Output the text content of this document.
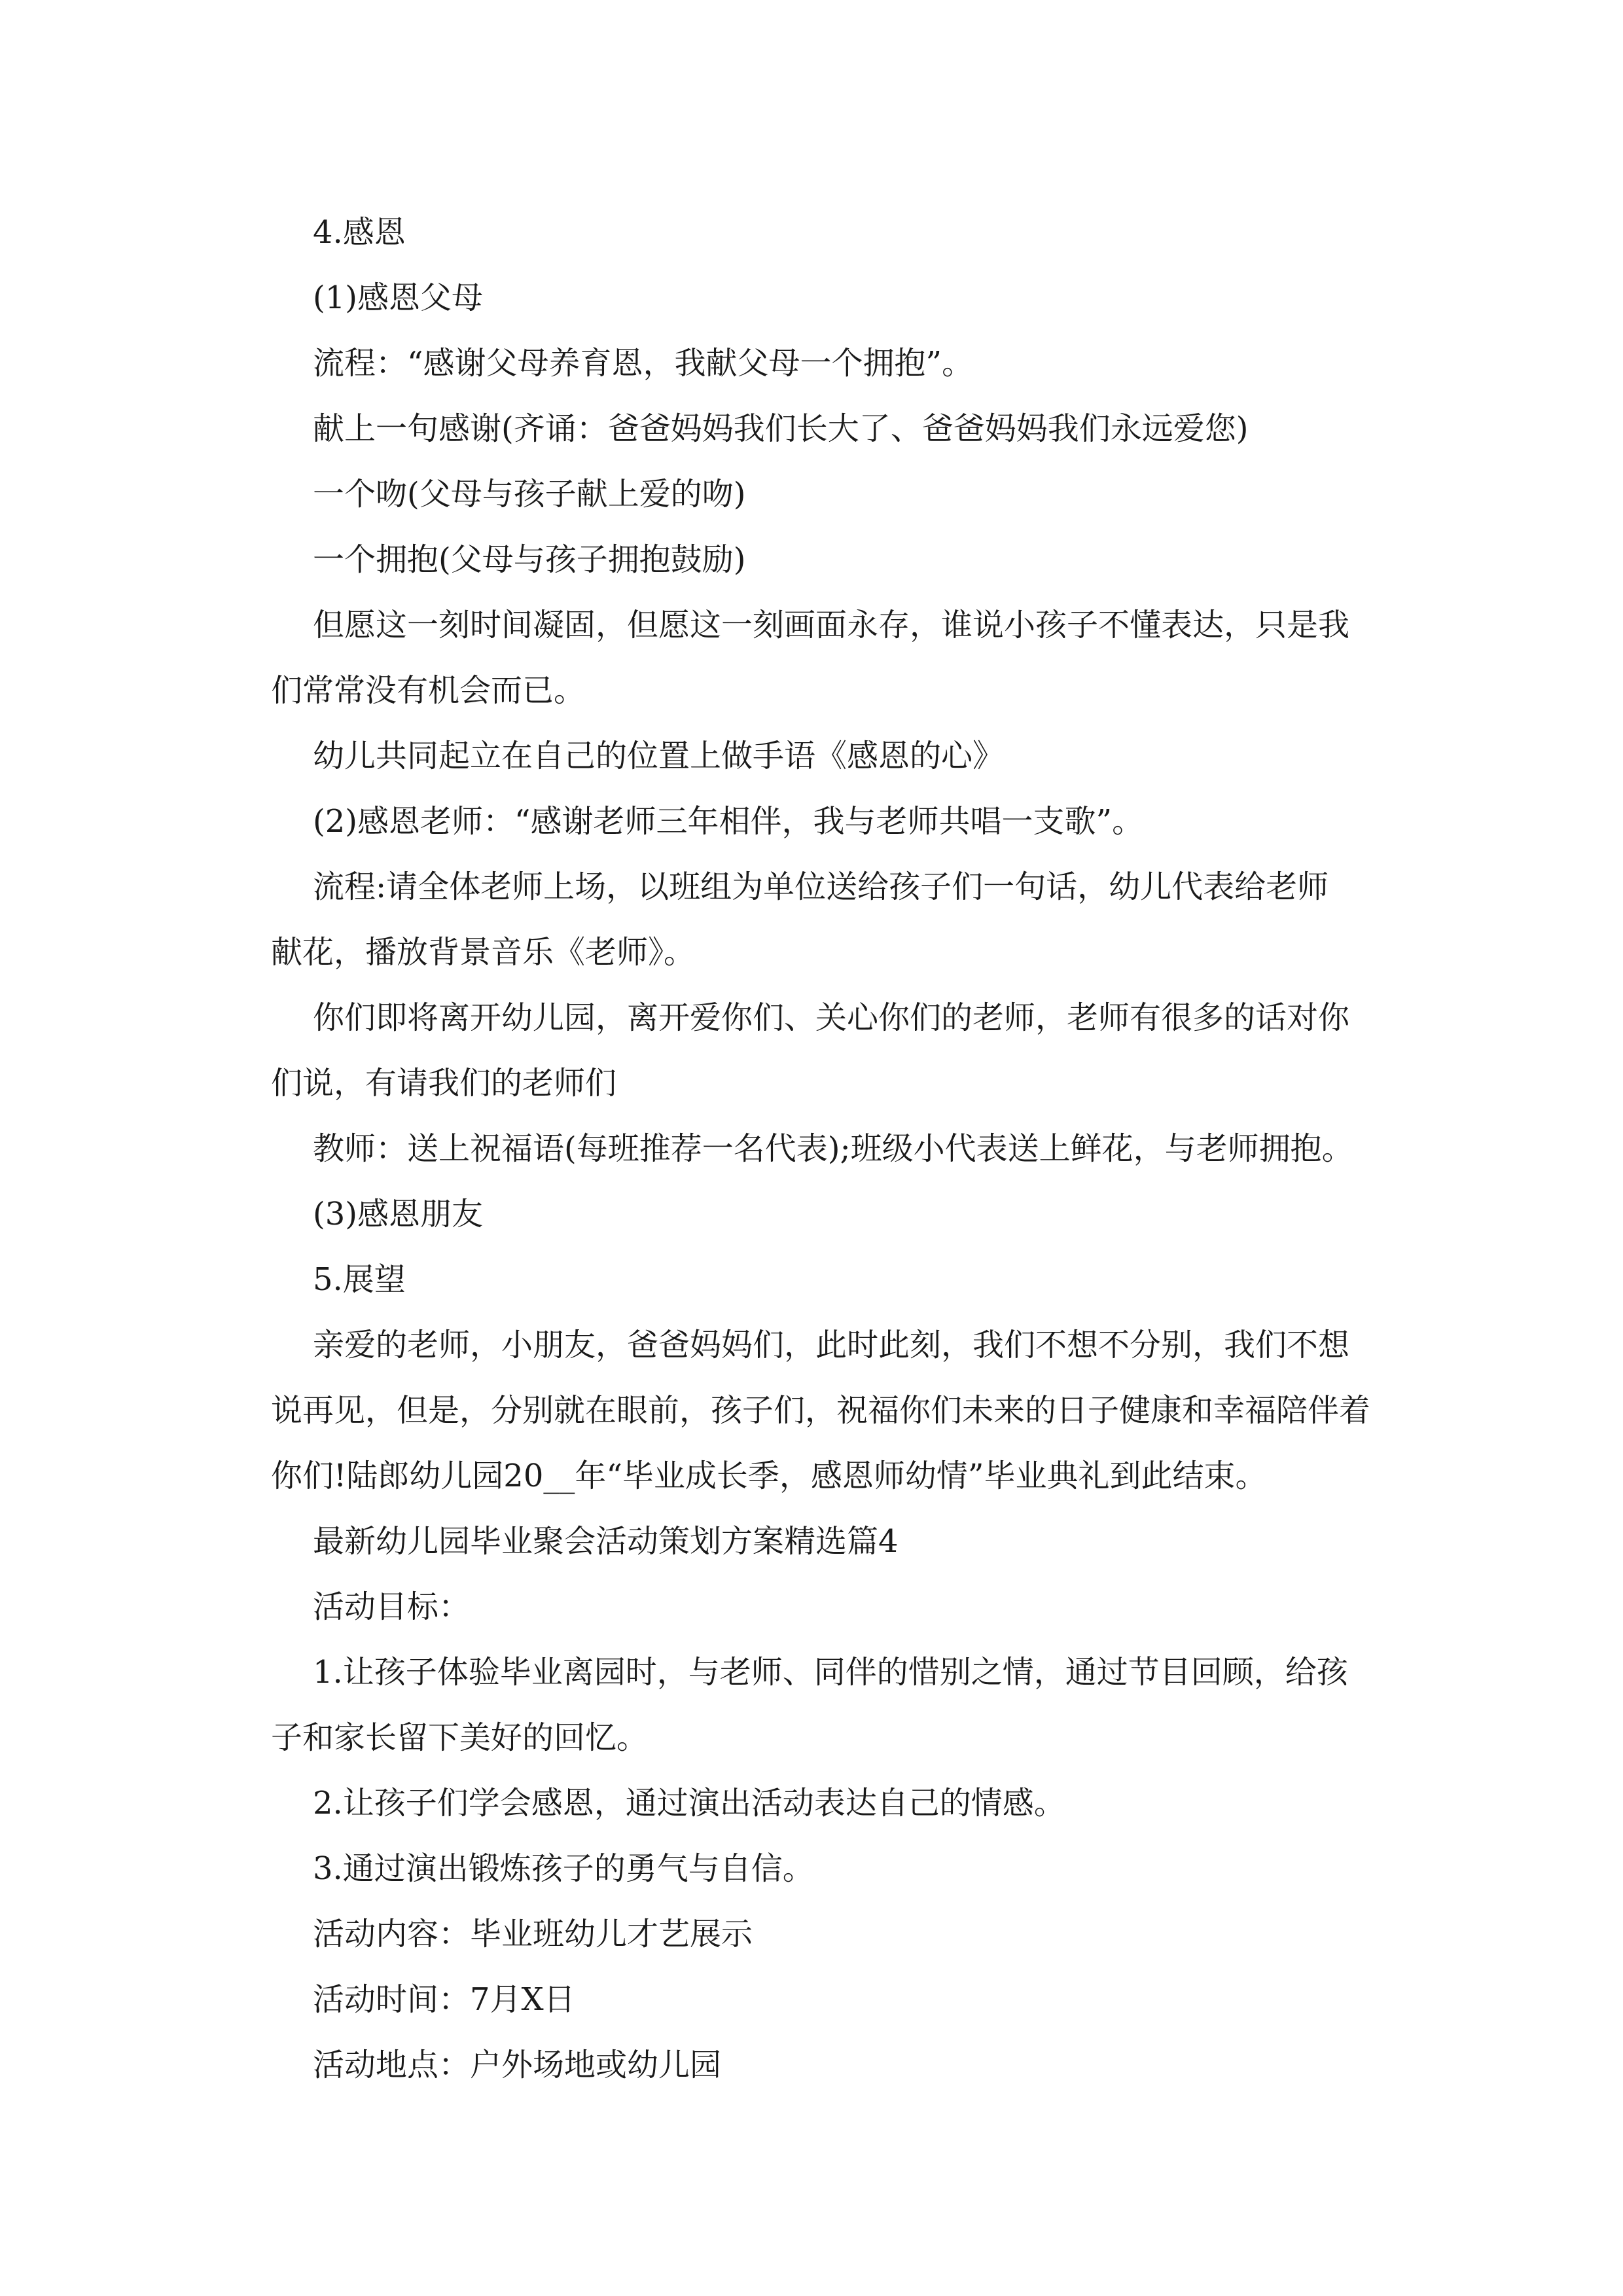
4.感恩
(1)感恩父母
流程：“感谢父母养育恩，我献父母一个拥抱”。
献上一句感谢(齐诵：爸爸妈妈我们长大了、爸爸妈妈我们永远爱您)
一个吻(父母与孩子献上爱的吻)
一个拥抱(父母与孩子拥抱鼓励)
但愿这一刻时间凝固，但愿这一刻画面永存，谁说小孩子不懂表达，只是我
们常常没有机会而已。
幼儿共同起立在自己的位置上做手语《感恩的心》
(2)感恩老师：“感谢老师三年相伴，我与老师共唱一支歌”。
流程:请全体老师上场，以班组为单位送给孩子们一句话，幼儿代表给老师
献花，播放背景音乐《老师》。
你们即将离开幼儿园，离开爱你们、关心你们的老师，老师有很多的话对你
们说，有请我们的老师们
教师：送上祝福语(每班推荐一名代表);班级小代表送上鲜花，与老师拥抱。
(3)感恩朋友
5.展望
亲爱的老师，小朋友，爸爸妈妈们，此时此刻，我们不想不分别，我们不想
说再见，但是，分别就在眼前，孩子们，祝福你们未来的日子健康和幸福陪伴着
你们!陆郎幼儿园20__年“毕业成长季，感恩师幼情”毕业典礼到此结束。
最新幼儿园毕业聚会活动策划方案精选篇4
活动目标：
1.让孩子体验毕业离园时，与老师、同伴的惜别之情，通过节目回顾，给孩
子和家长留下美好的回忆。
2.让孩子们学会感恩，通过演出活动表达自己的情感。
3.通过演出锻炼孩子的勇气与自信。
活动内容：毕业班幼儿才艺展示
活动时间：7月X日
活动地点：户外场地或幼儿园
